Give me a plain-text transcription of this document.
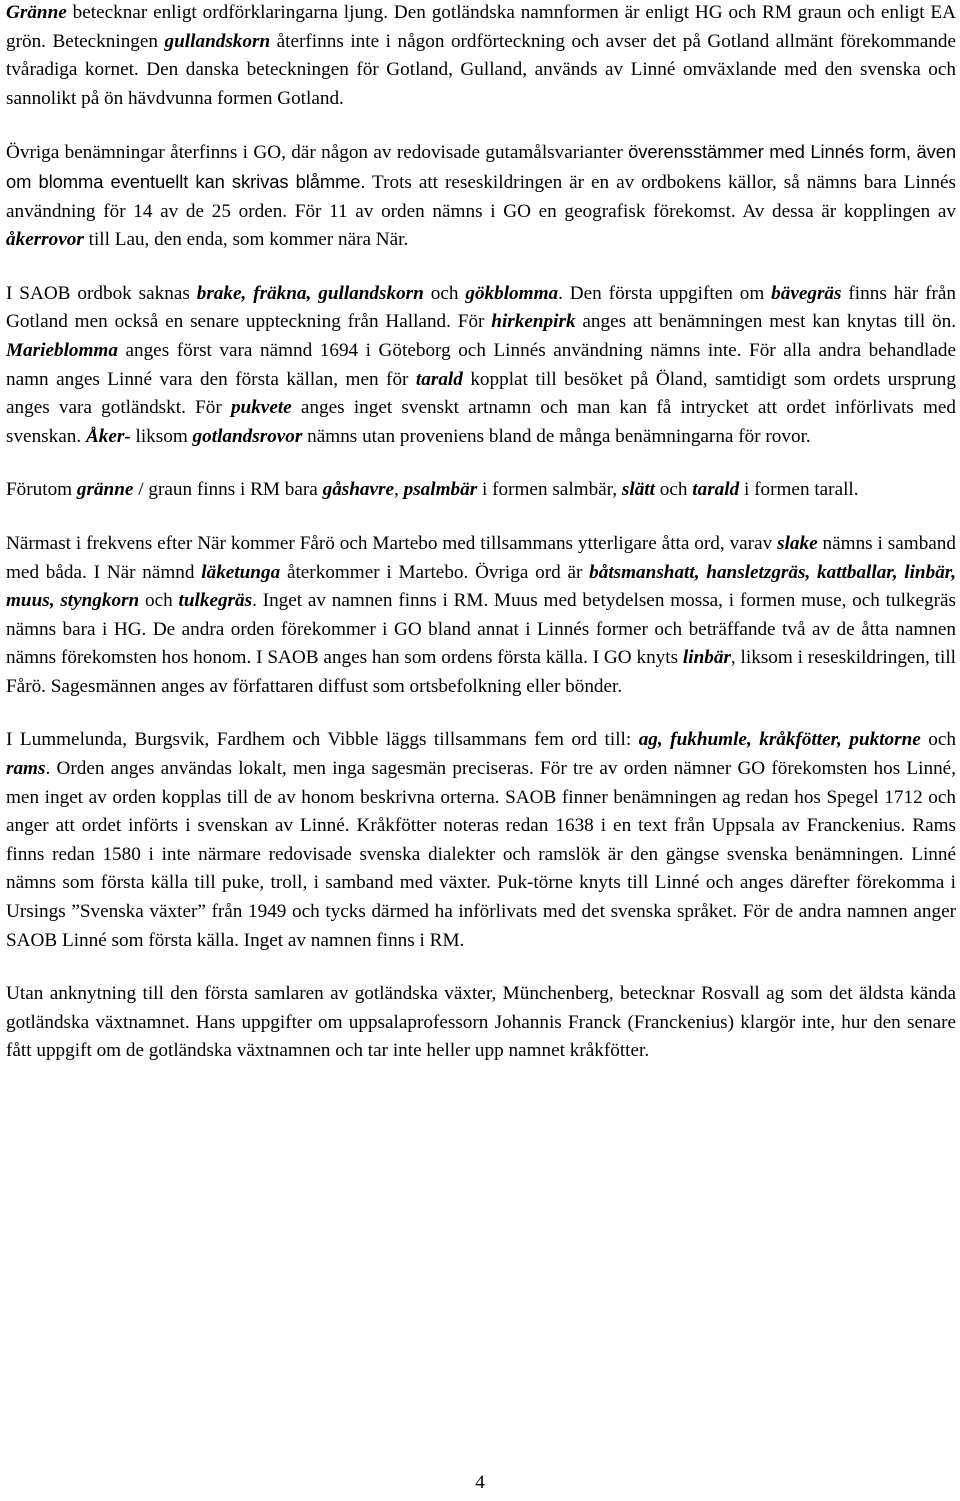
Gränne betecknar enligt ordförklaringarna ljung. Den gotländska namnformen är enligt HG och RM graun och enligt EA grön. Beteckningen gullandskorn återfinns inte i någon ordförteckning och avser det på Gotland allmänt förekommande tvåradiga kornet. Den danska beteckningen för Gotland, Gulland, används av Linné omväxlande med den svenska och sannolikt på ön hävdvunna formen Gotland.

Övriga benämningar återfinns i GO, där någon av redovisade gutamålsvarianter överensstämmer med Linnés form, även om blomma eventuellt kan skrivas blåmme. Trots att reseskildringen är en av ordbokens källor, så nämns bara Linnés användning för 14 av de 25 orden. För 11 av orden nämns i GO en geografisk förekomst. Av dessa är kopplingen av åkerrovor till Lau, den enda, som kommer nära När.

I SAOB ordbok saknas brake, fräkna, gullandskorn och gökblomma. Den första uppgiften om bävegräs finns här från Gotland men också en senare uppteckning från Halland. För hirkenpirk anges att benämningen mest kan knytas till ön. Marieblomma anges först vara nämnd 1694 i Göteborg och Linnés användning nämns inte. För alla andra behandlade namn anges Linné vara den första källan, men för tarald kopplat till besöket på Öland, samtidigt som ordets ursprung anges vara gotländskt. För pukvete anges inget svenskt artnamn och man kan få intrycket att ordet införlivats med svenskan. Åker- liksom gotlandsrovor nämns utan proveniens bland de många benämningarna för rovor.

Förutom gränne / graun finns i RM bara gåshavre, psalmbär i formen salmbär, slätt och tarald i formen tarall.

Närmast i frekvens efter När kommer Fårö och Martebo med tillsammans ytterligare åtta ord, varav slake nämns i samband med båda. I När nämnd läketunga återkommer i Martebo. Övriga ord är båtsmanshatt, hansletzgräs, kattballar, linbär, muus, styngkorn och tulkegräs. Inget av namnen finns i RM. Muus med betydelsen mossa, i formen muse, och tulkegräs nämns bara i HG. De andra orden förekommer i GO bland annat i Linnés former och beträffande två av de åtta namnen nämns förekomsten hos honom. I SAOB anges han som ordens första källa. I GO knyts linbär, liksom i reseskildringen, till Fårö. Sagesmännen anges av författaren diffust som ortsbefolkning eller bönder.

I Lummelunda, Burgsvik, Fardhem och Vibble läggs tillsammans fem ord till: ag, fukhumle, kråkfötter, puktorne och rams. Orden anges användas lokalt, men inga sagesmän preciseras. För tre av orden nämner GO förekomsten hos Linné, men inget av orden kopplas till de av honom beskrivna orterna. SAOB finner benämningen ag redan hos Spegel 1712 och anger att ordet införts i svenskan av Linné. Kråkfötter noteras redan 1638 i en text från Uppsala av Franckenius. Rams finns redan 1580 i inte närmare redovisade svenska dialekter och ramslök är den gängse svenska benämningen. Linné nämns som första källa till puke, troll, i samband med växter. Puk-törne knyts till Linné och anges därefter förekomma i Ursings ”Svenska växter” från 1949 och tycks därmed ha införlivats med det svenska språket. För de andra namnen anger SAOB Linné som första källa. Inget av namnen finns i RM.

Utan anknytning till den första samlaren av gotländska växter, Münchenberg, betecknar Rosvall ag som det äldsta kända gotländska växtnamnet. Hans uppgifter om uppsalaprofessorn Johannis Franck (Franckenius) klargör inte, hur den senare fått uppgift om de gotländska växtnamnen och tar inte heller upp namnet kråkfötter.

4
